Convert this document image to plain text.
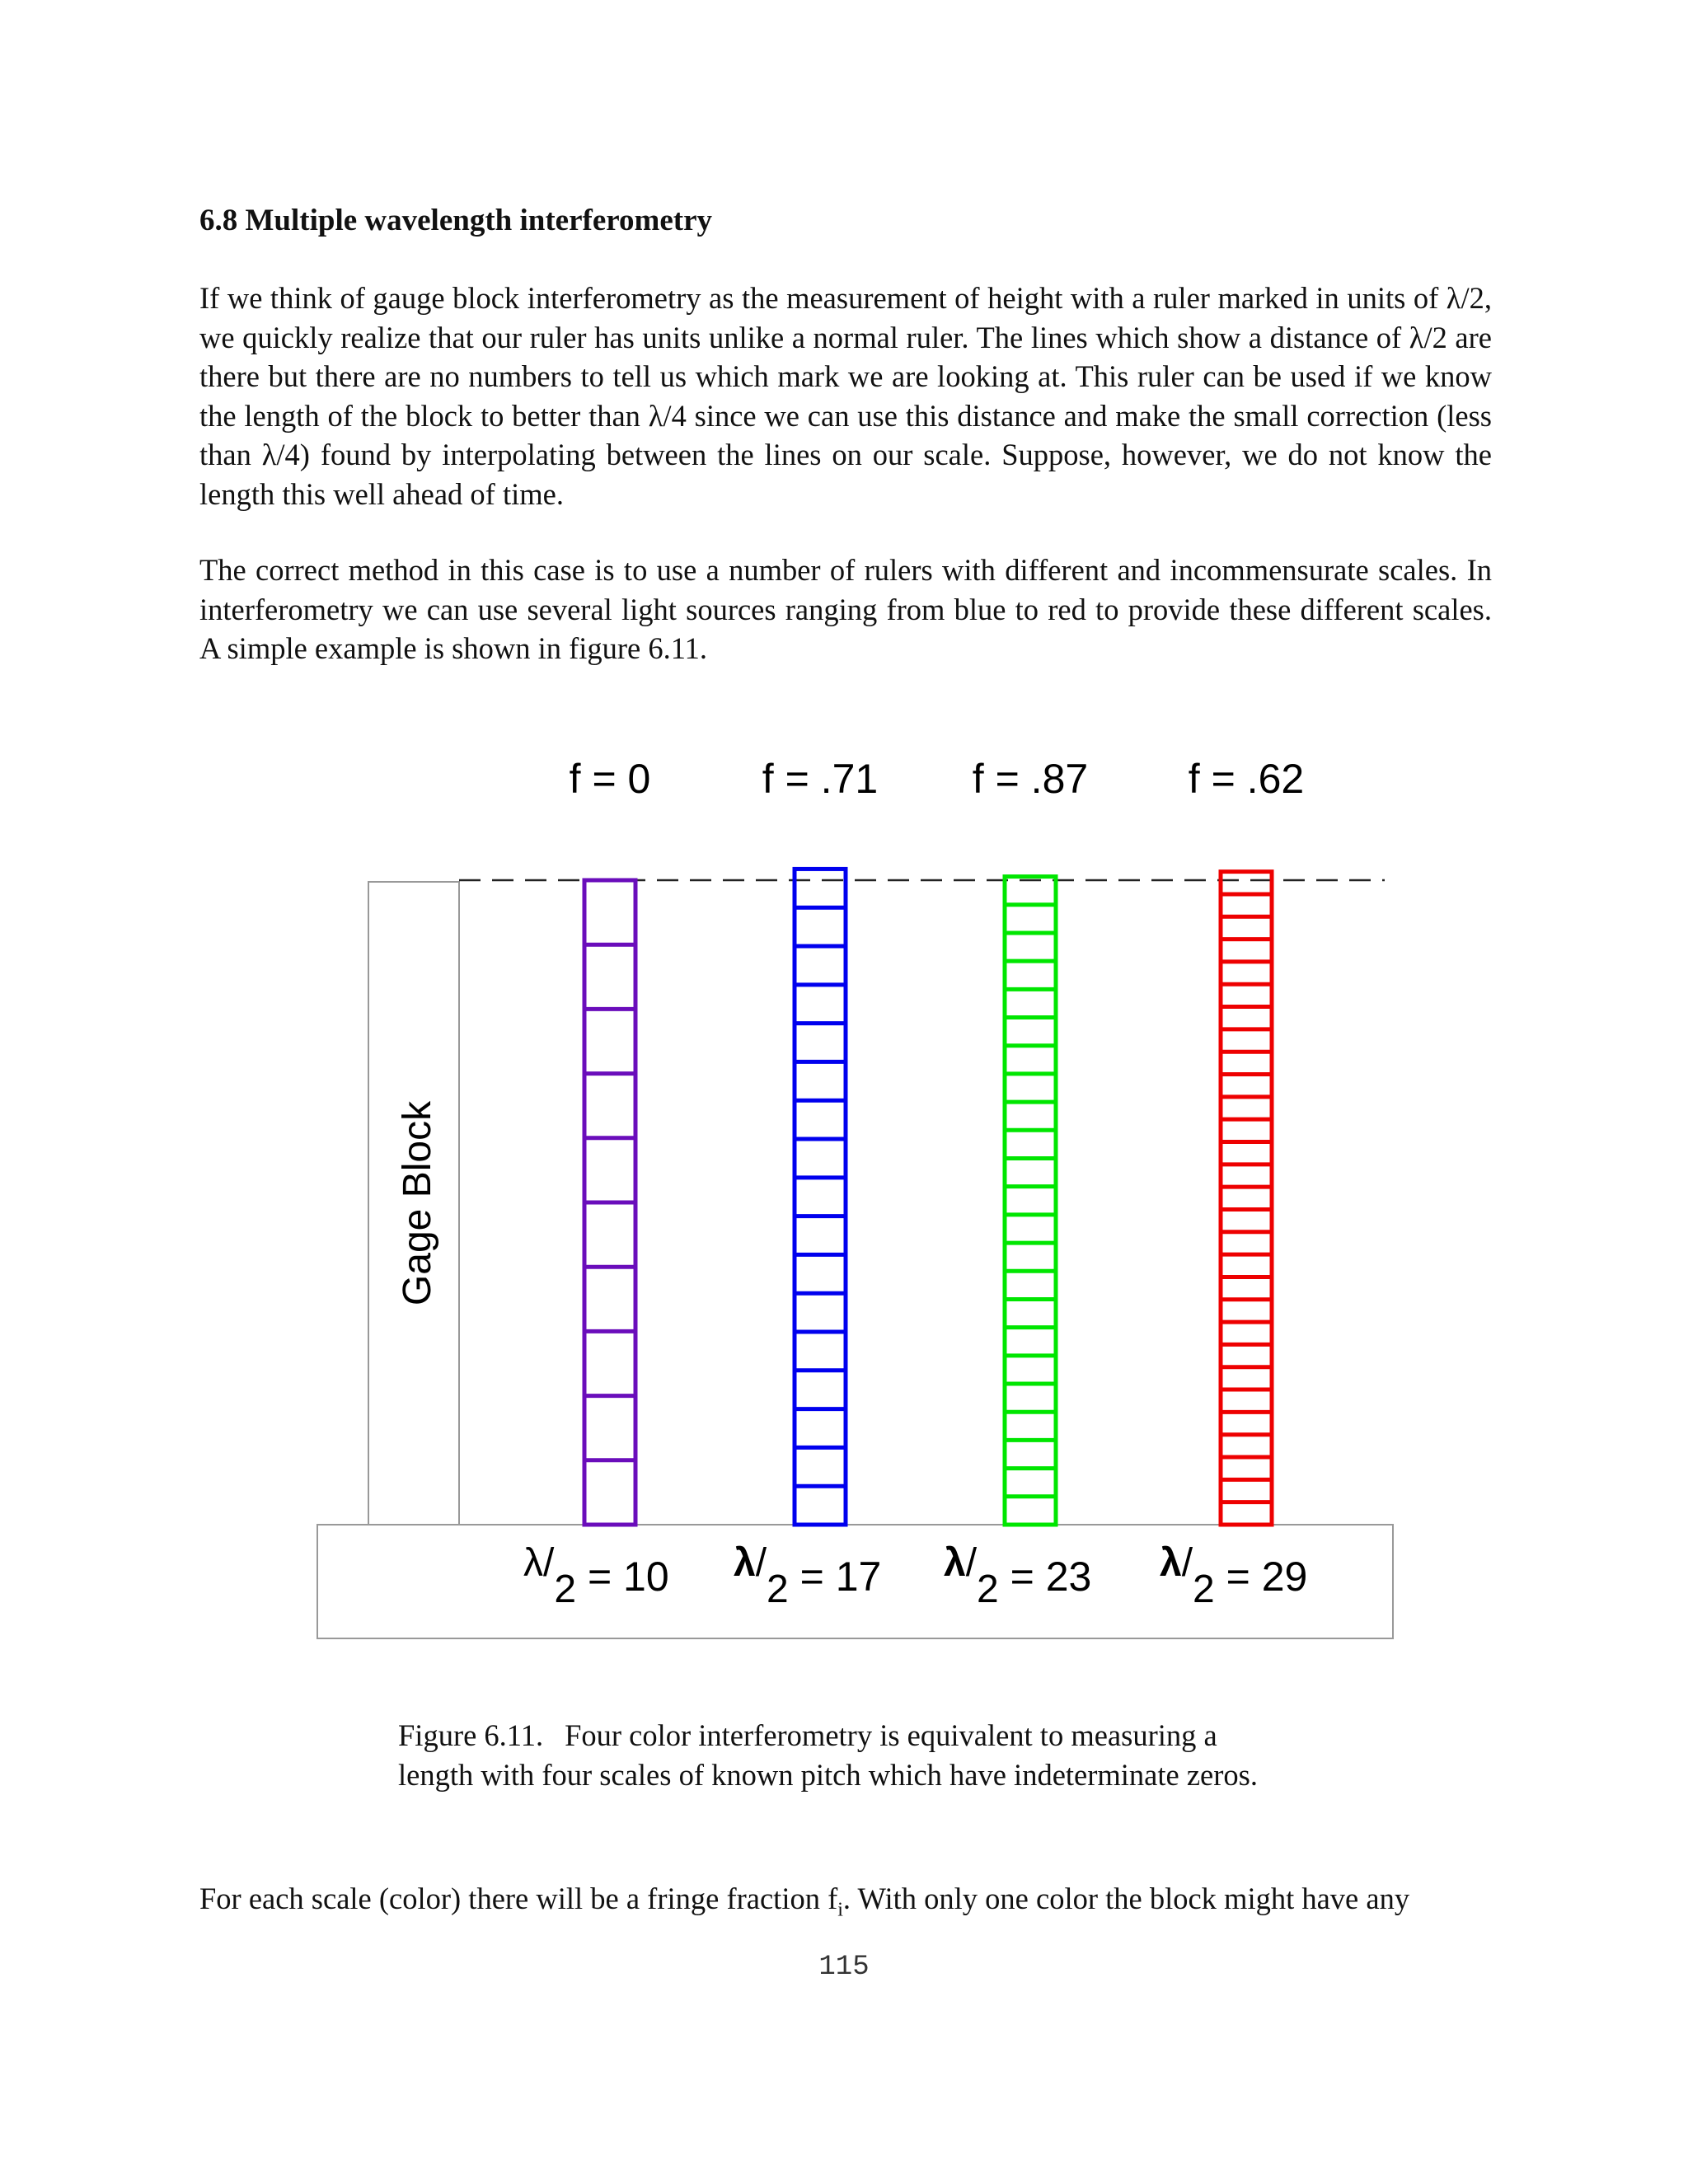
6.8 Multiple wavelength interferometry

If we think of gauge block interferometry as the measurement of height with a ruler marked in units of λ/2, we quickly realize that our ruler has units unlike a normal ruler. The lines which show a distance of λ/2 are there but there are no numbers to tell us which mark we are looking at. This ruler can be used if we know the length of the block to better than λ/4 since we can use this distance and make the small correction (less than λ/4) found by interpolating between the lines on our scale. Suppose, however, we do not know the length this well ahead of time.

The correct method in this case is to use a number of rulers with different and incommensurate scales. In interferometry we can use several light sources ranging from blue to red to provide these different scales. A simple example is shown in figure 6.11.

Gage Block
f = 0
λ/2 = 10
f = .71
λ/2 = 17
f = .87
λ/2 = 23
f = .62
λ/2 = 29

Figure 6.11. Four color interferometry is equivalent to measuring a length with four scales of known pitch which have indeterminate zeros.

For each scale (color) there will be a fringe fraction $f_i$. With only one color the block might have any

115
